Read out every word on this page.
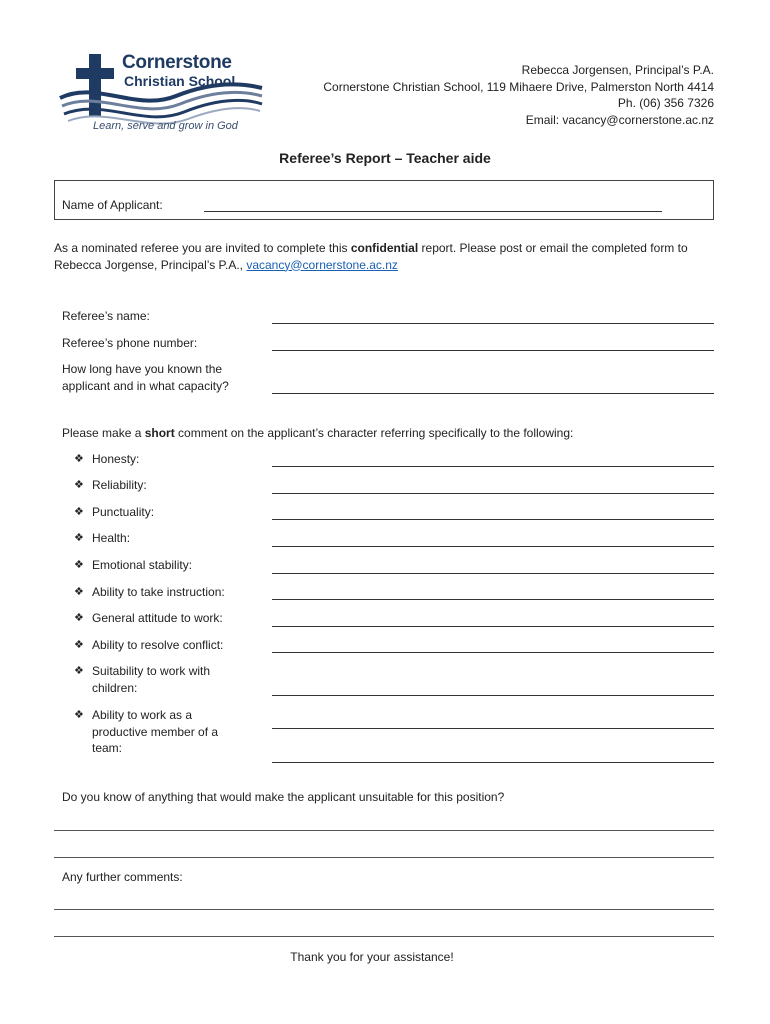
Cornerstone
Christian School
Learn, serve and grow in God
Rebecca Jorgensen, Principal’s P.A.
Cornerstone Christian School, 119 Mihaere Drive, Palmerston North 4414
Ph. (06) 356 7326
Email: vacancy@cornerstone.ac.nz
Referee’s Report – Teacher aide
Name of Applicant:
As a nominated referee you are invited to complete this confidential report. Please post or email the completed form to Rebecca Jorgense, Principal’s P.A., vacancy@cornerstone.ac.nz
Referee’s name:
Referee’s phone number:
How long have you known the applicant and in what capacity?
Please make a short comment on the applicant’s character referring specifically to the following:
❖ Honesty:
❖ Reliability:
❖ Punctuality:
❖ Health:
❖ Emotional stability:
❖ Ability to take instruction:
❖ General attitude to work:
❖ Ability to resolve conflict:
❖ Suitability to work with children:
❖ Ability to work as a productive member of a team:
Do you know of anything that would make the applicant unsuitable for this position?
Any further comments:
Thank you for your assistance!
